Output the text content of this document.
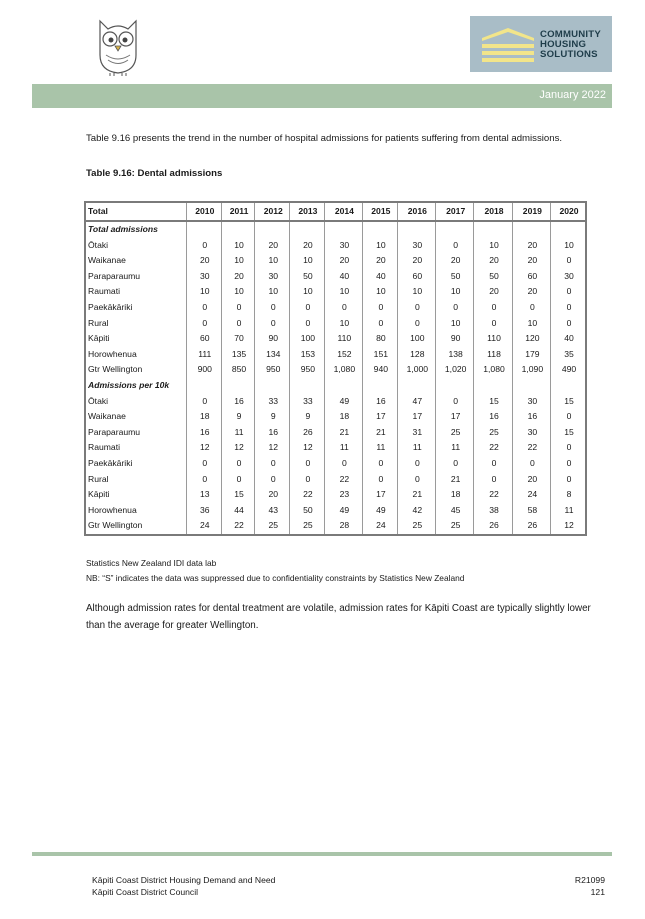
COMMUNITY
HOUSING
SOLUTIONS
January 2022
Table 9.16 presents the trend in the number of hospital admissions for patients suffering from dental admissions.
Table 9.16: Dental admissions
Total	2010	2011	2012	2013	2014	2015	2016	2017	2018	2019	2020
Total admissions											
Ōtaki	0	10	20	20	30	10	30	0	10	20	10
Waikanae	20	10	10	10	20	20	20	20	20	20	0
Paraparaumu	30	20	30	50	40	40	60	50	50	60	30
Raumati	10	10	10	10	10	10	10	10	20	20	0
Paekākāriki	0	0	0	0	0	0	0	0	0	0	0
Rural	0	0	0	0	10	0	0	10	0	10	0
Kāpiti	60	70	90	100	110	80	100	90	110	120	40
Horowhenua	111	135	134	153	152	151	128	138	118	179	35
Gtr Wellington	900	850	950	950	1,080	940	1,000	1,020	1,080	1,090	490
Admissions per 10k											
Ōtaki	0	16	33	33	49	16	47	0	15	30	15
Waikanae	18	9	9	9	18	17	17	17	16	16	0
Paraparaumu	16	11	16	26	21	21	31	25	25	30	15
Raumati	12	12	12	12	11	11	11	11	22	22	0
Paekākāriki	0	0	0	0	0	0	0	0	0	0	0
Rural	0	0	0	0	22	0	0	21	0	20	0
Kāpiti	13	15	20	22	23	17	21	18	22	24	8
Horowhenua	36	44	43	50	49	49	42	45	38	58	11
Gtr Wellington	24	22	25	25	28	24	25	25	26	26	12
Statistics New Zealand IDI data lab
NB: “S” indicates the data was suppressed due to confidentiality constraints by Statistics New Zealand
Although admission rates for dental treatment are volatile, admission rates for Kāpiti Coast are typically slightly lower than the average for greater Wellington.
Kāpiti Coast District Housing Demand and Need
Kāpiti Coast District Council
R21099
121
